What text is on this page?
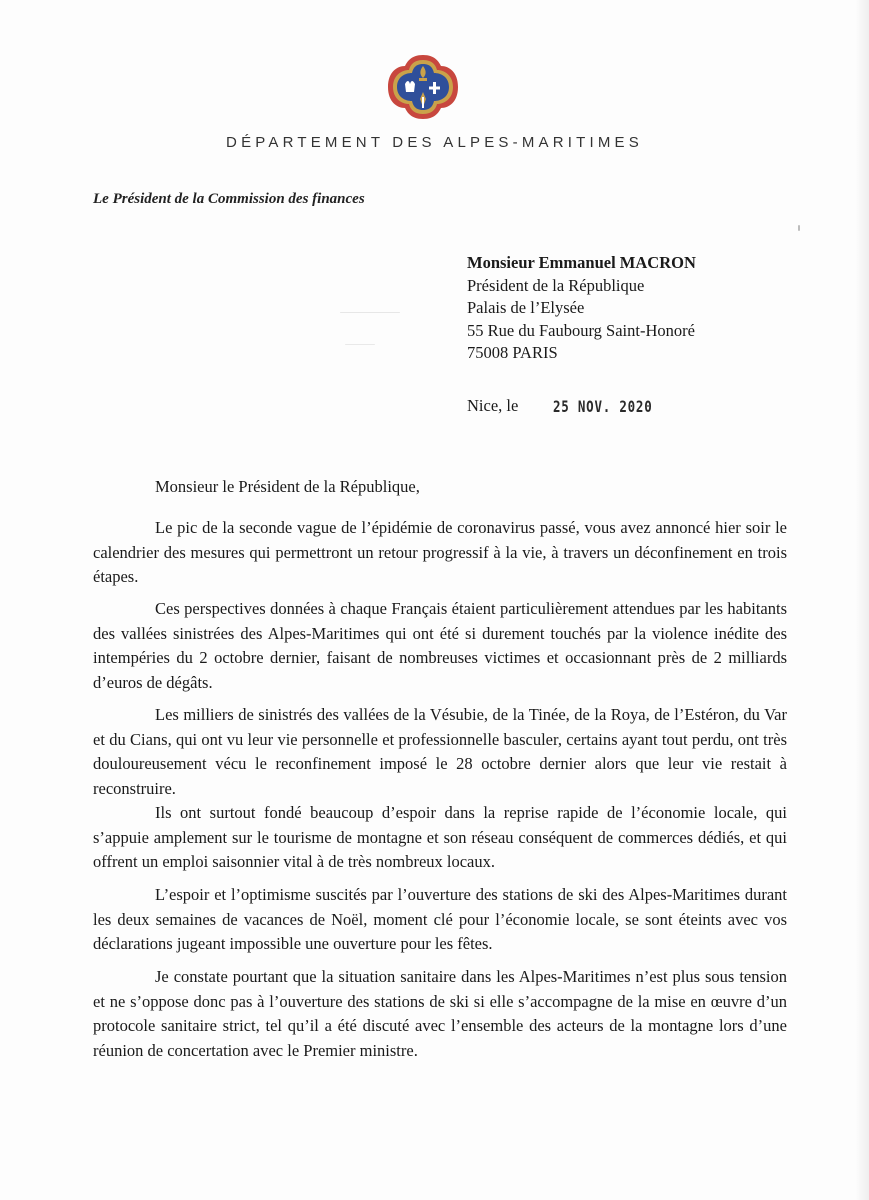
DÉPARTEMENT DES ALPES-MARITIMES
Le Président de la Commission des finances
Monsieur Emmanuel MACRON
Président de la République
Palais de l’Elysée
55 Rue du Faubourg Saint-Honoré
75008 PARIS
Nice, le 25 NOV. 2020
Monsieur le Président de la République,

Le pic de la seconde vague de l’épidémie de coronavirus passé, vous avez annoncé hier soir le calendrier des mesures qui permettront un retour progressif à la vie, à travers un déconfinement en trois étapes.

Ces perspectives données à chaque Français étaient particulièrement attendues par les habitants des vallées sinistrées des Alpes-Maritimes qui ont été si durement touchés par la violence inédite des intempéries du 2 octobre dernier, faisant de nombreuses victimes et occasionnant près de 2 milliards d’euros de dégâts.

Les milliers de sinistrés des vallées de la Vésubie, de la Tinée, de la Roya, de l’Estéron, du Var et du Cians, qui ont vu leur vie personnelle et professionnelle basculer, certains ayant tout perdu, ont très douloureusement vécu le reconfinement imposé le 28 octobre dernier alors que leur vie restait à reconstruire.

Ils ont surtout fondé beaucoup d’espoir dans la reprise rapide de l’économie locale, qui s’appuie amplement sur le tourisme de montagne et son réseau conséquent de commerces dédiés, et qui offrent un emploi saisonnier vital à de très nombreux locaux.

L’espoir et l’optimisme suscités par l’ouverture des stations de ski des Alpes-Maritimes durant les deux semaines de vacances de Noël, moment clé pour l’économie locale, se sont éteints avec vos déclarations jugeant impossible une ouverture pour les fêtes.

Je constate pourtant que la situation sanitaire dans les Alpes-Maritimes n’est plus sous tension et ne s’oppose donc pas à l’ouverture des stations de ski si elle s’accompagne de la mise en œuvre d’un protocole sanitaire strict, tel qu’il a été discuté avec l’ensemble des acteurs de la montagne lors d’une réunion de concertation avec le Premier ministre.
